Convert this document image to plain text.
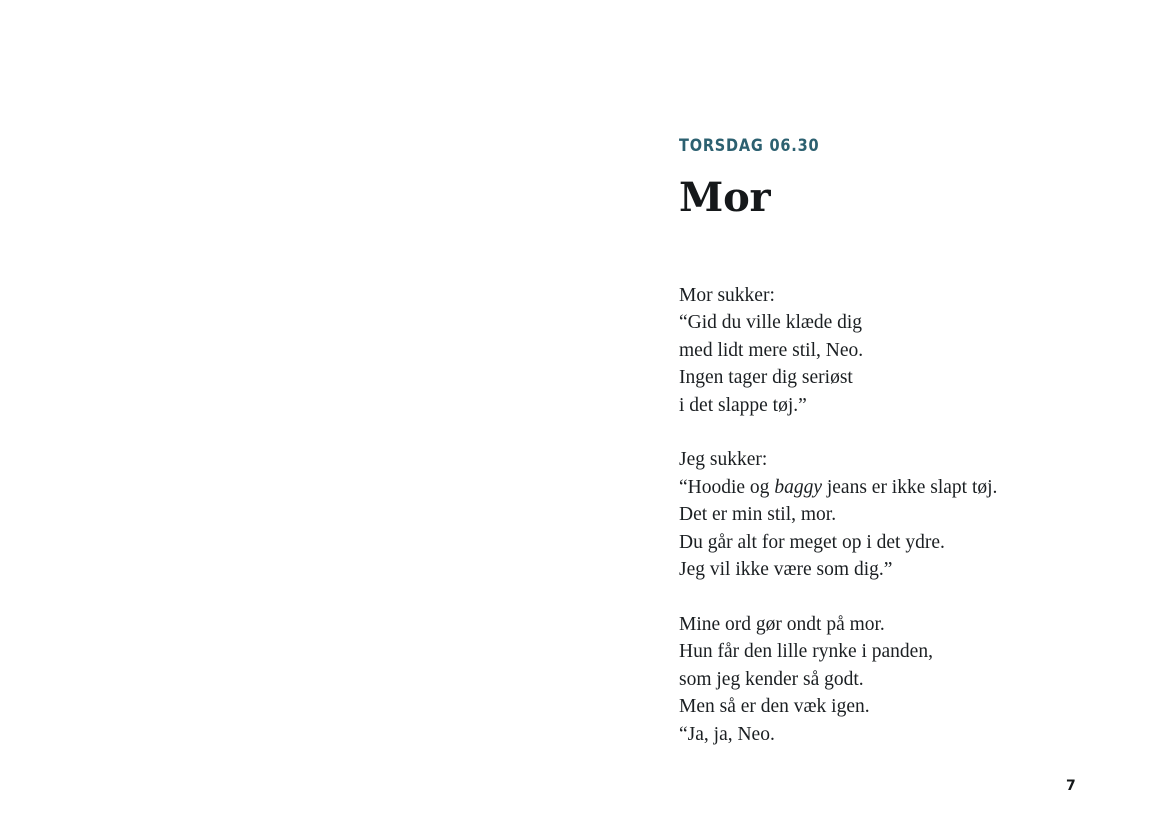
TORSDAG 06.30
Mor

Mor sukker:
“Gid du ville klæde dig
med lidt mere stil, Neo.
Ingen tager dig seriøst
i det slappe tøj.”

Jeg sukker:
“Hoodie og baggy jeans er ikke slapt tøj.
Det er min stil, mor.
Du går alt for meget op i det ydre.
Jeg vil ikke være som dig.”

Mine ord gør ondt på mor.
Hun får den lille rynke i panden,
som jeg kender så godt.
Men så er den væk igen.
“Ja, ja, Neo.

7
